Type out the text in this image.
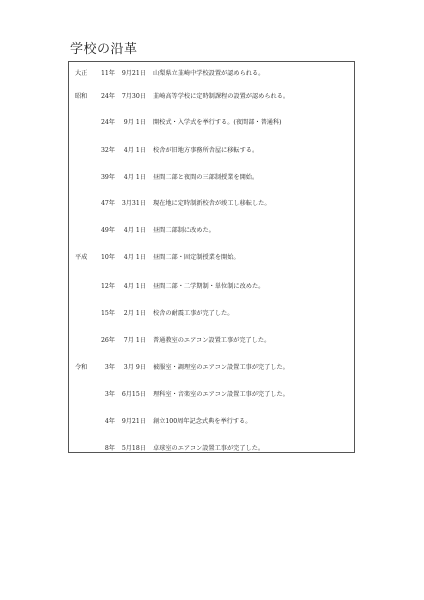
学校の沿革
大正	11年 9月21日 山梨県立韮崎中学校設置が認められる。
昭和	24年 7月30日 韮崎高等学校に定時制課程の設置が認められる。
24年	9月 1日 開校式・入学式を挙行する。(夜間部・普通科)
32年	4月 1日 校舎が旧地方事務所舎屋に移転する。
39年	4月 1日 昼間二部と夜間の三部制授業を開始。
47年 3月31日 現在地に定時制新校舎が竣工し移転した。
49年	4月 1日 昼間二部制に改めた。
平成	10年	4月 1日 昼間二部・固定制授業を開始。
12年	4月 1日 昼間二部・二学期制・単位制に改めた。
15年	2月 1日 校舎の耐震工事が完了した。
26年	7月 1日 普通教室のエアコン設置工事が完了した。
令和	3年	3月 9日 被服室・調理室のエアコン設置工事が完了した。
3年 6月15日 理科室・音楽室のエアコン設置工事が完了した。
4年 9月21日 創立100周年記念式典を挙行する。
8年 5月18日 卓球室のエアコン設置工事が完了した。
